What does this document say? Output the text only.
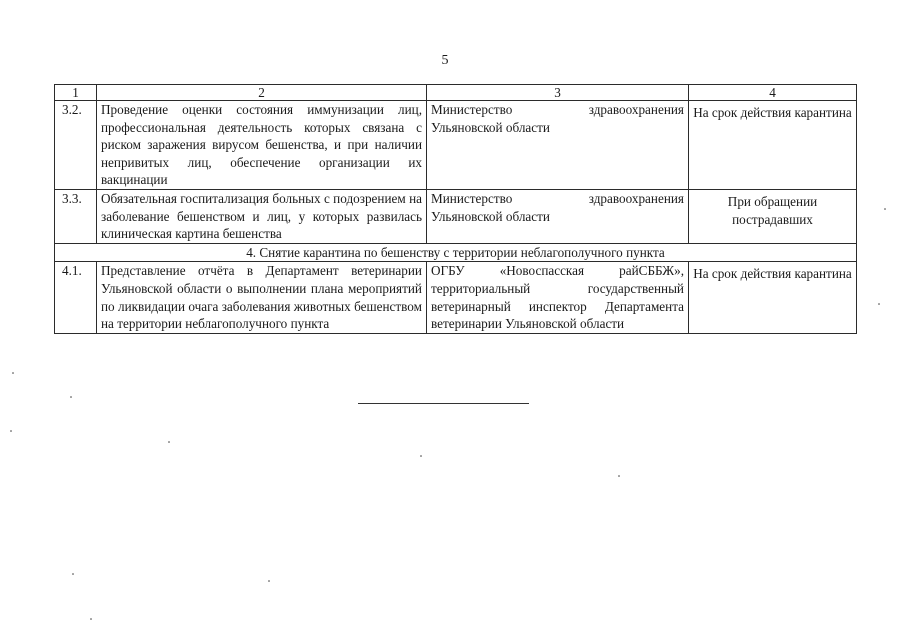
5
1	2	3	4
3.2.	Проведение оценки состояния иммунизации лиц, профессиональная деятельность которых связана с риском заражения вирусом бешенства, и при наличии непривитых лиц, обеспечение организации их вакцинации	Министерство здравоохранения Ульяновской области	На срок действия карантина
3.3.	Обязательная госпитализация больных с подозрением на заболевание бешенством и лиц, у которых развилась клиническая картина бешенства	Министерство здравоохранения Ульяновской области	При обращении пострадавших
4. Снятие карантина по бешенству с территории неблагополучного пункта			
4.1.	Представление отчёта в Департамент ветеринарии Ульяновской области о выполнении плана мероприятий по ликвидации очага заболевания животных бешенством на территории неблагополучного пункта	ОГБУ «Новоспасская райСББЖ», территориальный государственный ветеринарный инспектор Департамента ветеринарии Ульяновской области	На срок действия карантина
